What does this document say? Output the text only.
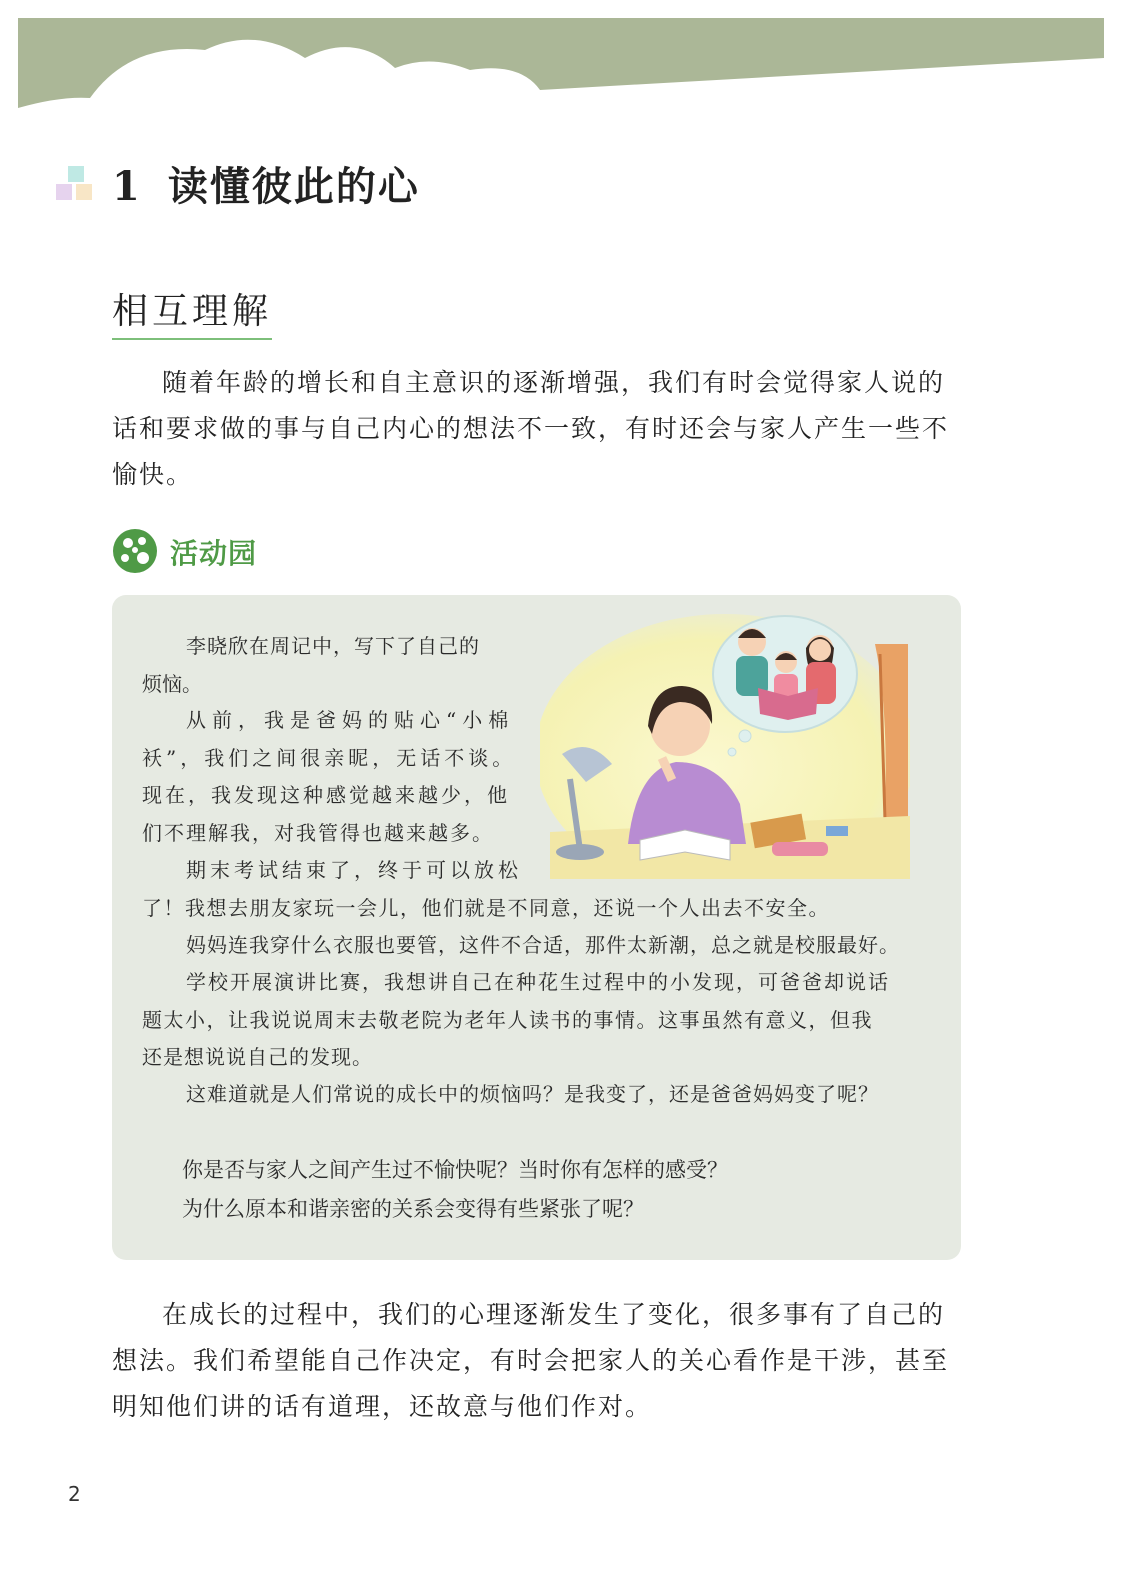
1 读懂彼此的心
相互理解

随着年龄的增长和自主意识的逐渐增强，我们有时会觉得家人说的话和要求做的事与自己内心的想法不一致，有时还会与家人产生一些不愉快。

活动园
李晓欣在周记中，写下了自己的
烦恼。
从前，我是爸妈的贴心“小棉
袄”，我们之间很亲昵，无话不谈。
现在，我发现这种感觉越来越少，他
们不理解我，对我管得也越来越多。
期末考试结束了，终于可以放松
了！我想去朋友家玩一会儿，他们就是不同意，还说一个人出去不安全。
妈妈连我穿什么衣服也要管，这件不合适，那件太新潮，总之就是校服最好。
学校开展演讲比赛，我想讲自己在种花生过程中的小发现，可爸爸却说话
题太小，让我说说周末去敬老院为老年人读书的事情。这事虽然有意义，但我
还是想说说自己的发现。
这难道就是人们常说的成长中的烦恼吗？是我变了，还是爸爸妈妈变了呢？
你是否与家人之间产生过不愉快呢？当时你有怎样的感受？
为什么原本和谐亲密的关系会变得有些紧张了呢？

在成长的过程中，我们的心理逐渐发生了变化，很多事有了自己的想法。我们希望能自己作决定，有时会把家人的关心看作是干涉，甚至明知他们讲的话有道理，还故意与他们作对。

2
